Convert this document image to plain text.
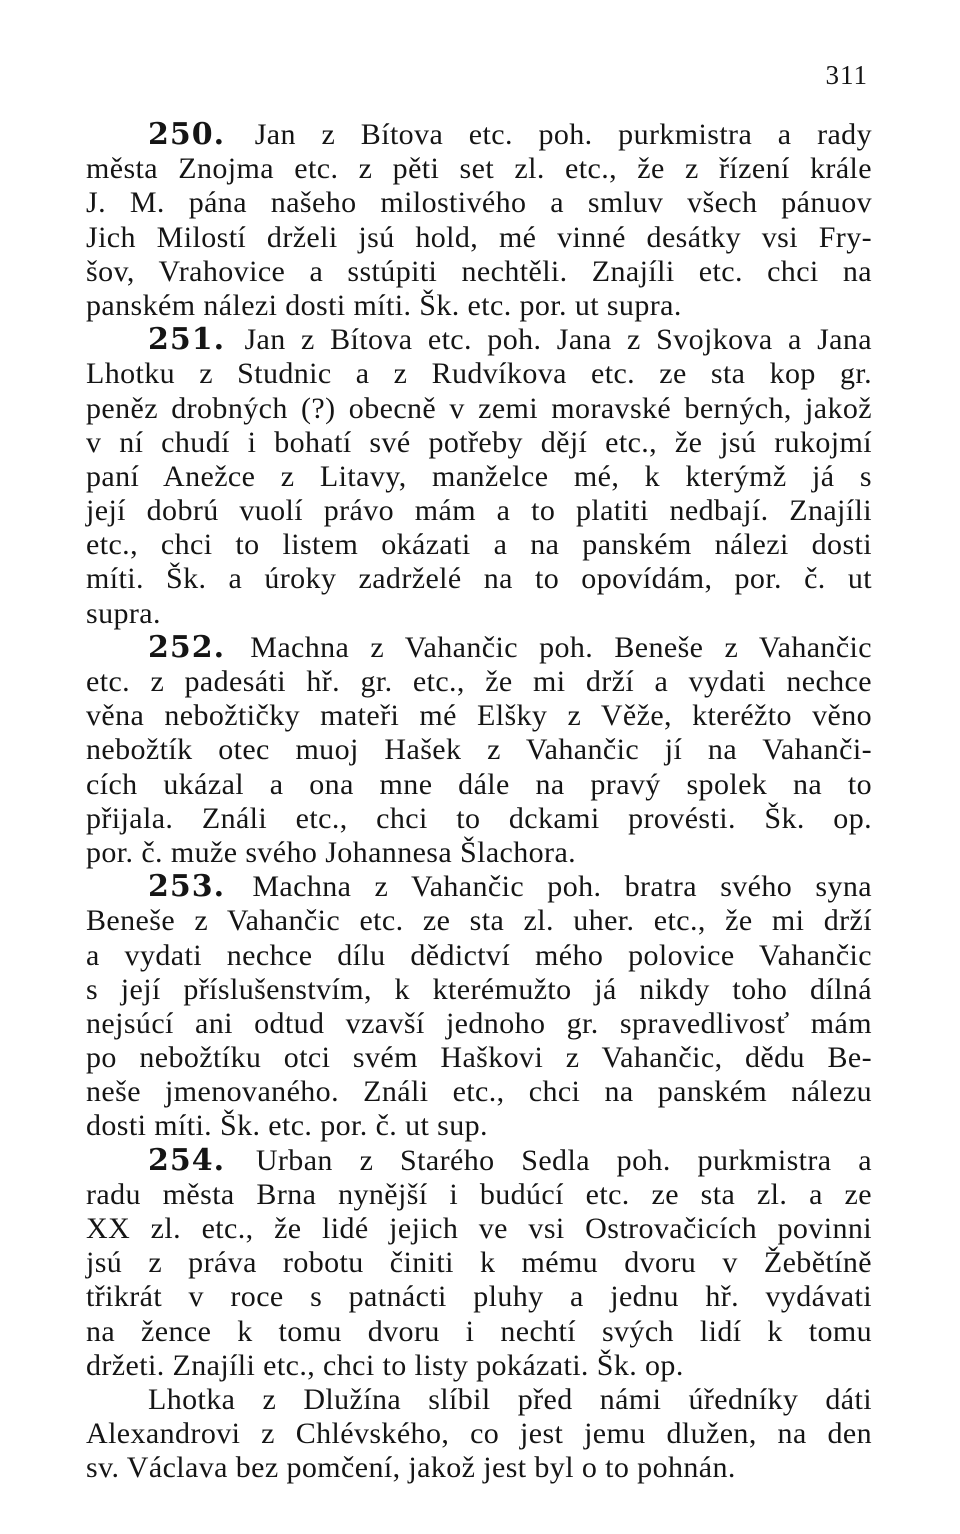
311
250. Jan z Bítova etc. poh. purkmistra a rady
města Znojma etc. z pěti set zl. etc., že z řízení krále
J. M. pána našeho milostivého a smluv všech pánuov
Jich Milostí drželi jsú hold, mé vinné desátky vsi Fry-
šov, Vrahovice a sstúpiti nechtěli. Znajíli etc. chci na
panském nálezi dosti míti. Šk. etc. por. ut supra.
251. Jan z Bítova etc. poh. Jana z Svojkova a Jana
Lhotku z Studnic a z Rudvíkova etc. ze sta kop gr.
peněz drobných (?) obecně v zemi moravské berných, jakož
v ní chudí i bohatí své potřeby dějí etc., že jsú rukojmí
paní Anežce z Litavy, manželce mé, k kterýmž já s
její dobrú vuolí právo mám a to platiti nedbají. Znajíli
etc., chci to listem okázati a na panském nálezi dosti
míti. Šk. a úroky zadrželé na to opovídám, por. č. ut
supra.
252. Machna z Vahančic poh. Beneše z Vahančic
etc. z padesáti hř. gr. etc., že mi drží a vydati nechce
věna nebožtičky mateři mé Elšky z Věže, kteréžto věno
nebožtík otec muoj Hašek z Vahančic jí na Vahanči-
cích ukázal a ona mne dále na pravý spolek na to
přijala. Ználi etc., chci to dckami provésti. Šk. op.
por. č. muže svého Johannesa Šlachora.
253. Machna z Vahančic poh. bratra svého syna
Beneše z Vahančic etc. ze sta zl. uher. etc., že mi drží
a vydati nechce dílu dědictví mého polovice Vahančic
s její příslušenstvím, k kterémužto já nikdy toho dílná
nejsúcí ani odtud vzavší jednoho gr. spravedlivosť mám
po nebožtíku otci svém Haškovi z Vahančic, dědu Be-
neše jmenovaného. Ználi etc., chci na panském nálezu
dosti míti. Šk. etc. por. č. ut sup.
254. Urban z Starého Sedla poh. purkmistra a
radu města Brna nynější i budúcí etc. ze sta zl. a ze
XX zl. etc., že lidé jejich ve vsi Ostrovačicích povinni
jsú z práva robotu činiti k mému dvoru v Žebětíně
třikrát v roce s patnácti pluhy a jednu hř. vydávati
na žence k tomu dvoru i nechtí svých lidí k tomu
držeti. Znajíli etc., chci to listy pokázati. Šk. op.
Lhotka z Dlužína slíbil před námi úředníky dáti
Alexandrovi z Chlévského, co jest jemu dlužen, na den
sv. Václava bez pomčení, jakož jest byl o to pohnán.
